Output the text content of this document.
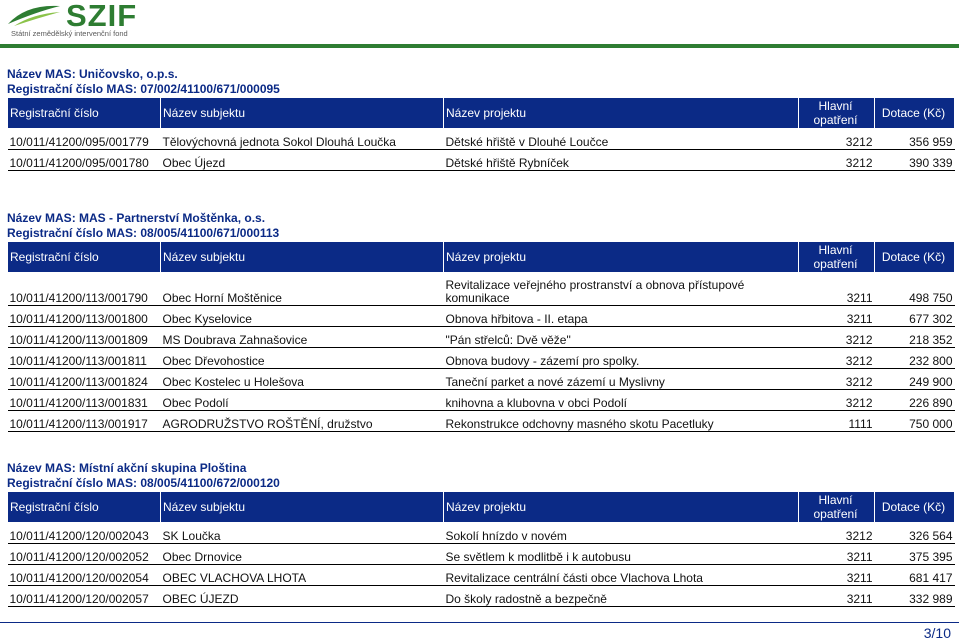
SZIF
Státní zemědělský intervenční fond
Název MAS: Uničovsko, o.p.s.
Registrační číslo MAS: 07/002/41100/671/000095
Registrační číslo	Název subjektu	Název projektu	Hlavní opatření	Dotace (Kč)
10/011/41200/095/001779	Tělovýchovná jednota Sokol Dlouhá Loučka	Dětské hřiště v Dlouhé Loučce	3212	356 959
10/011/41200/095/001780	Obec Újezd	Dětské hřiště Rybníček	3212	390 339
Název MAS: MAS - Partnerství Moštěnka, o.s.
Registrační číslo MAS: 08/005/41100/671/000113
Registrační číslo	Název subjektu	Název projektu	Hlavní opatření	Dotace (Kč)
10/011/41200/113/001790	Obec Horní Moštěnice	Revitalizace veřejného prostranství a obnova přístupové komunikace	3211	498 750
10/011/41200/113/001800	Obec Kyselovice	Obnova hřbitova - II. etapa	3211	677 302
10/011/41200/113/001809	MS Doubrava Zahnašovice	"Pán střelců: Dvě věže"	3212	218 352
10/011/41200/113/001811	Obec Dřevohostice	Obnova budovy - zázemí pro spolky.	3212	232 800
10/011/41200/113/001824	Obec Kostelec u Holešova	Taneční parket a nové zázemí u Myslivny	3212	249 900
10/011/41200/113/001831	Obec Podolí	knihovna a klubovna v obci Podolí	3212	226 890
10/011/41200/113/001917	AGRODRUŽSTVO ROŠTĚNÍ, družstvo	Rekonstrukce odchovny masného skotu Pacetluky	1111	750 000
Název MAS: Místní akční skupina Ploština
Registrační číslo MAS: 08/005/41100/672/000120
Registrační číslo	Název subjektu	Název projektu	Hlavní opatření	Dotace (Kč)
10/011/41200/120/002043	SK Loučka	Sokolí hnízdo v novém	3212	326 564
10/011/41200/120/002052	Obec Drnovice	Se světlem k modlitbě i k autobusu	3211	375 395
10/011/41200/120/002054	OBEC VLACHOVA LHOTA	Revitalizace centrální části obce Vlachova Lhota	3211	681 417
10/011/41200/120/002057	OBEC ÚJEZD	Do školy radostně a bezpečně	3211	332 989
3/10
